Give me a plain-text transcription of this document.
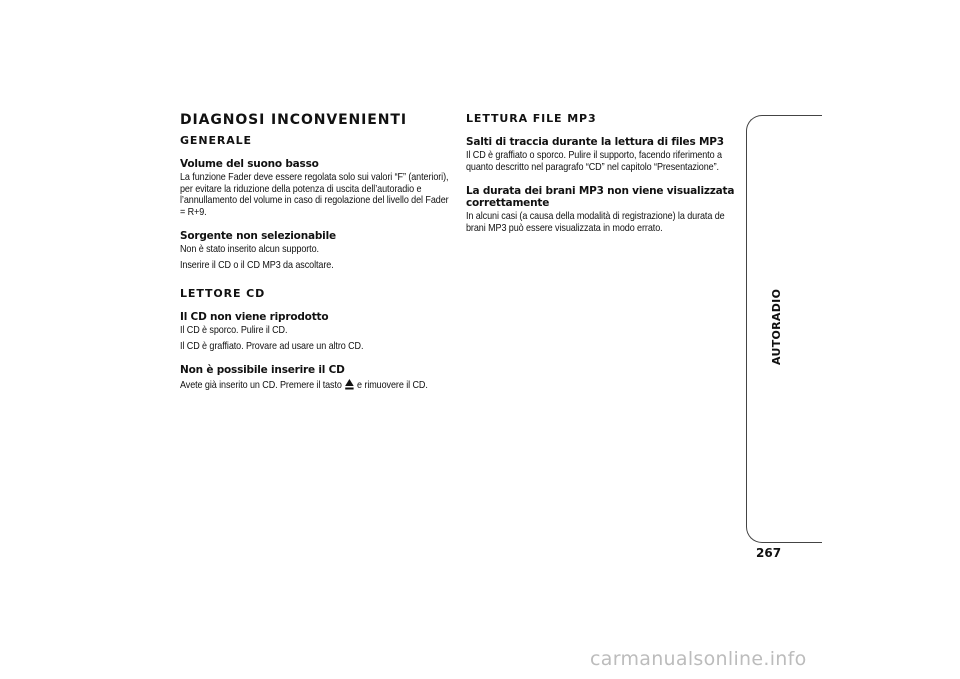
DIAGNOSI INCONVENIENTI
GENERALE
Volume del suono basso
La funzione Fader deve essere regolata solo sui valori “F” (anteriori), per evitare la riduzione della potenza di uscita dell’autoradio e l’annullamento del volume in caso di regolazione del livello del Fader = R+9.
Sorgente non selezionabile
Non è stato inserito alcun supporto.
Inserire il CD o il CD MP3 da ascoltare.
LETTORE CD
Il CD non viene riprodotto
Il CD è sporco. Pulire il CD.
Il CD è graffiato. Provare ad usare un altro CD.
Non è possibile inserire il CD
Avete già inserito un CD. Premere il tasto e rimuovere il CD.
LETTURA FILE MP3
Salti di traccia durante la lettura di files MP3
Il CD è graffiato o sporco. Pulire il supporto, facendo riferimento a quanto descritto nel paragrafo “CD” nel capitolo “Presentazione”.
La durata dei brani MP3 non viene visualizzata correttamente
In alcuni casi (a causa della modalità di registrazione) la durata de brani MP3 può essere visualizzata in modo errato.
AUTORADIO
267
carmanualsonline.info
